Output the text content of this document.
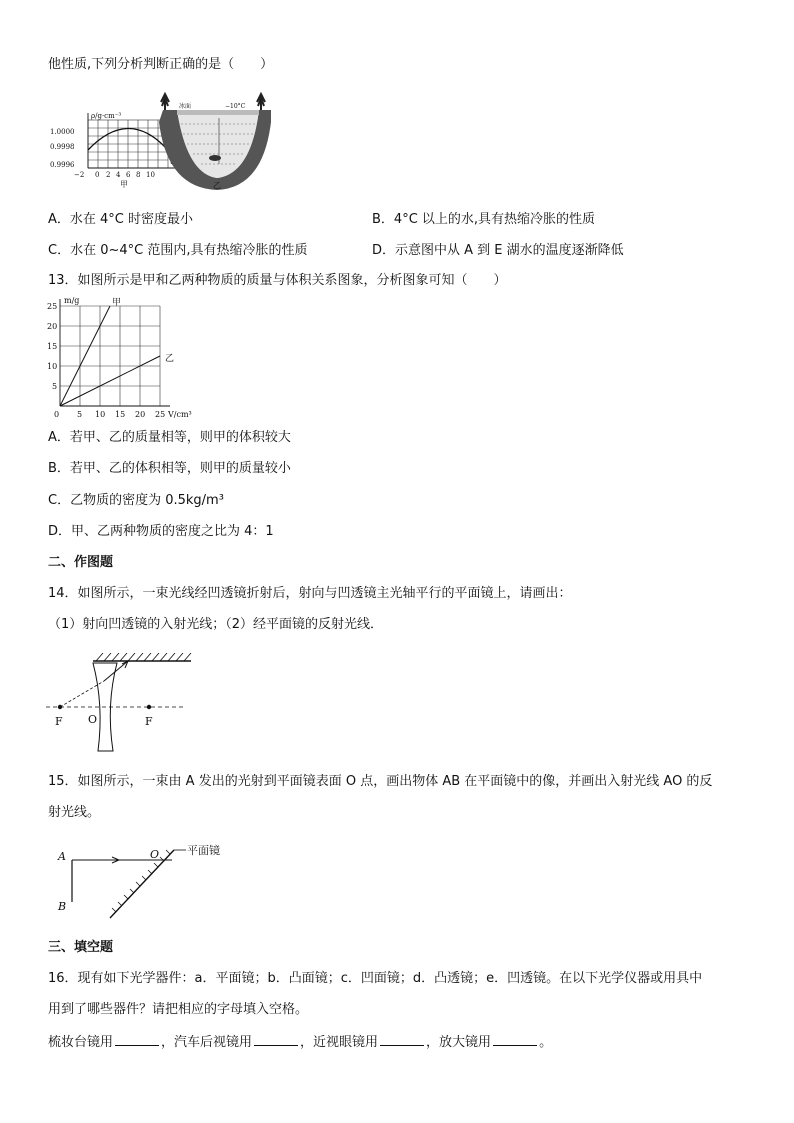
他性质,下列分析判断正确的是（　　）
ρ/g·cm⁻³
1.0000
0.9998
0.9996
−2 0 2 4 6 8 10
甲
冰面	−10°C
乙
A．水在 4°C 时密度最小	B．4°C 以上的水,具有热缩冷胀的性质
C．水在 0~4°C 范围内,具有热缩冷胀的性质	D．示意图中从 A 到 E 湖水的温度逐渐降低
13．如图所示是甲和乙两种物质的质量与体积关系图象，分析图象可知（　　）
5 10 15 20 25
25
20
15
10
5
甲
乙
m/g
V/cm³
0
A．若甲、乙的质量相等，则甲的体积较大
B．若甲、乙的体积相等，则甲的质量较小
C．乙物质的密度为 0.5kg/m³
D．甲、乙两种物质的密度之比为 4：1
二、作图题
14．如图所示，一束光线经凹透镜折射后，射向与凹透镜主光轴平行的平面镜上，请画出：
（1）射向凹透镜的入射光线；（2）经平面镜的反射光线．
F O	F
15．如图所示，一束由 A 发出的光射到平面镜表面 O 点，画出物体 AB 在平面镜中的像，并画出入射光线 AO 的反
射光线。
A
B
O	平面镜
三、填空题
16．现有如下光学器件：a．平面镜；b．凸面镜；c．凹面镜；d．凸透镜；e．凹透镜。在以下光学仪器或用具中
用到了哪些器件？请把相应的字母填入空格。
梳妆台镜用	，汽车后视镜用	，近视眼镜用	，放大镜用	。
